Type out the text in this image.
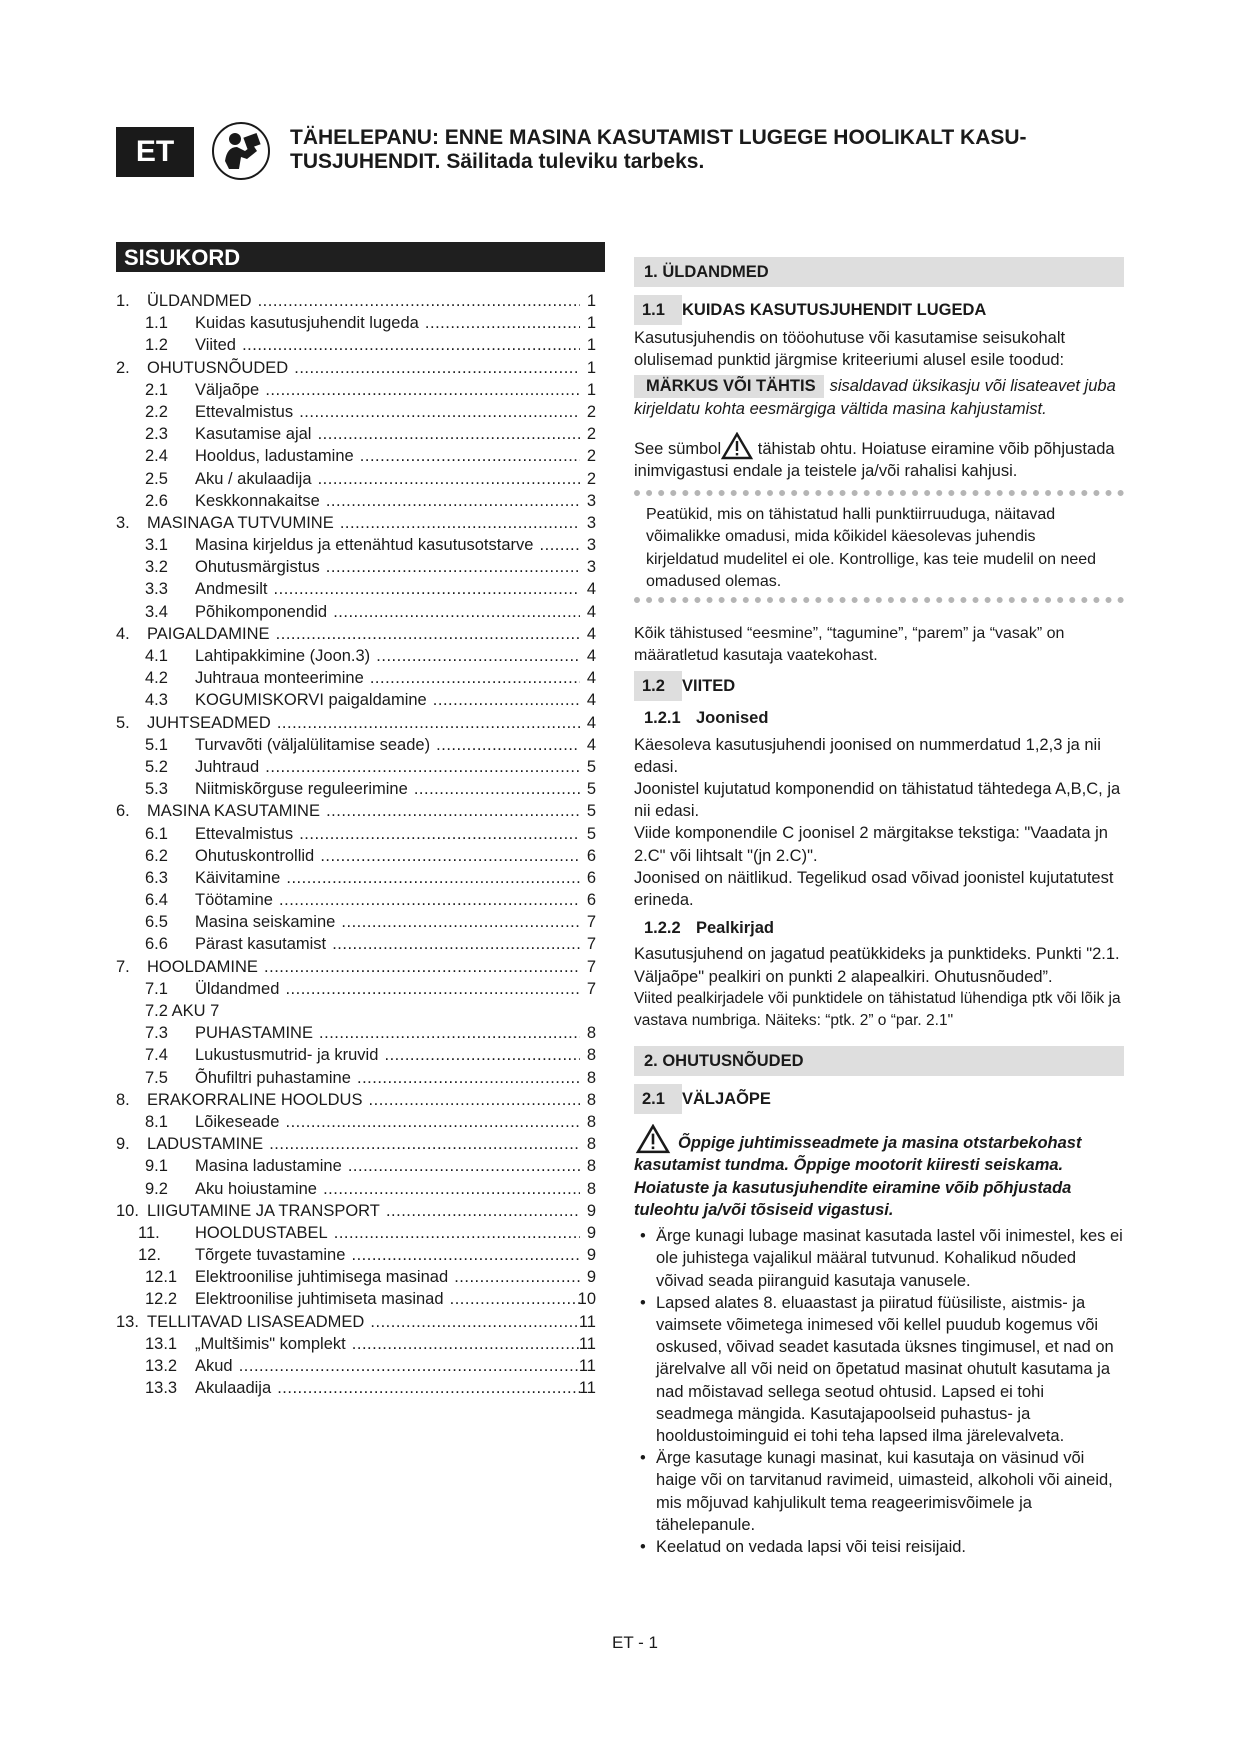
ET	TÄHELEPANU: ENNE MASINA KASUTAMIST LUGEGE HOOLIKALT KASU-
TUSJUHENDIT. Säilitada tuleviku tarbeks.
SISUKORD
1. ÜLDANDMED .....	1
1.1 Kuidas kasutusjuhendit lugeda .....	1
1.2 Viited .....	1
2. OHUTUSNÕUDED .....	1
2.1 Väljaõpe .....	1
2.2 Ettevalmistus .....	2
2.3 Kasutamise ajal .....	2
2.4 Hooldus, ladustamine .....	2
2.5 Aku / akulaadija .....	2
2.6 Keskkonnakaitse .....	3
3. MASINAGA TUTVUMINE .....	3
3.1 Masina kirjeldus ja ettenähtud kasutusotstarve .....	3
3.2 Ohutusmärgistus .....	3
3.3 Andmesilt .....	4
3.4 Põhikomponendid .....	4
4. PAIGALDAMINE .....	4
4.1 Lahtipakkimine (Joon.3) .....	4
4.2 Juhtraua monteerimine .....	4
4.3 KOGUMISKORVI paigaldamine .....	4
5. JUHTSEADMED .....	4
5.1 Turvavõti (väljalülitamise seade) .....	4
5.2 Juhtraud .....	5
5.3 Niitmiskõrguse reguleerimine .....	5
6. MASINA KASUTAMINE .....	5
6.1 Ettevalmistus .....	5
6.2 Ohutuskontrollid .....	6
6.3 Käivitamine .....	6
6.4 Töötamine .....	6
6.5 Masina seiskamine .....	7
6.6 Pärast kasutamist .....	7
7. HOOLDAMINE .....	7
7.1 Üldandmed .....	7
7.2 AKU 7
7.3 PUHASTAMINE .....	8
7.4 Lukustusmutrid- ja kruvid .....	8
7.5 Õhufiltri puhastamine .....	8
8. ERAKORRALINE HOOLDUS .....	8
8.1 Lõikeseade .....	8
9. LADUSTAMINE .....	8
9.1 Masina ladustamine .....	8
9.2 Aku hoiustamine .....	8
10. LIIGUTAMINE JA TRANSPORT .....	9
11. HOOLDUSTABEL .....	9
12. Tõrgete tuvastamine .....	9
12.1 Elektroonilise juhtimisega masinad .....	9
12.2 Elektroonilise juhtimiseta masinad .....	10
13. TELLITAVAD LISASEADMED .....	11
13.1 „Multšimis" komplekt .....	11
13.2 Akud .....	11
13.3 Akulaadija .....	11
1. ÜLDANDMED
1.1	KUIDAS KASUTUSJUHENDIT LUGEDA

Kasutusjuhendis on tööohutuse või kasutamise seisukohalt olulisemad punktid järgmise kriteeriumi alusel esile toodud:

MÄRKUS VÕI TÄHTIS sisaldavad üksikasju või lisateavet juba kirjeldatu kohta eesmärgiga vältida masina kahjustamist.

See sümbol tähistab ohtu. Hoiatuse eiramine võib põhjustada inimvigastusi endale ja teistele ja/või rahalisi kahjusi.

Peatükid, mis on tähistatud halli punktiirruuduga, näitavad võimalikke omadusi, mida kõikidel käesolevas juhendis kirjeldatud mudelitel ei ole. Kontrollige, kas teie mudelil on need omadused olemas.

Kõik tähistused “eesmine”, “tagumine”, “parem” ja “vasak” on määratletud kasutaja vaatekohast.

1.2	VIITED
1.2.1 Joonised

Käesoleva kasutusjuhendi joonised on nummerdatud 1,2,3 ja nii edasi.

Joonistel kujutatud komponendid on tähistatud tähtedega A,B,C, ja nii edasi.

Viide komponendile C joonisel 2 märgitakse tekstiga: "Vaadata jn 2.C" või lihtsalt "(jn 2.C)".

Joonised on näitlikud. Tegelikud osad võivad joonistel kujutatutest erineda.

1.2.2 Pealkirjad

Kasutusjuhend on jagatud peatükkideks ja punktideks. Punkti "2.1. Väljaõpe" pealkiri on punkti 2 alapealkiri. Ohutusnõuded”.

Viited pealkirjadele või punktidele on tähistatud lühendiga ptk või lõik ja vastava numbriga. Näiteks: “ptk. 2” o “par. 2.1"

2. OHUTUSNÕUDED
2.1	VÄLJAÕPE

Õppige juhtimisseadmete ja masina otstarbekohast kasutamist tundma. Õppige mootorit kiiresti seiskama. Hoiatuste ja kasutusjuhendite eiramine võib põhjustada tuleohtu ja/või tõsiseid vigastusi.

• Ärge kunagi lubage masinat kasutada lastel või inimestel, kes ei ole juhistega vajalikul määral tutvunud. Kohalikud nõuded võivad seada piiranguid kasutaja vanusele.
• Lapsed alates 8. eluaastast ja piiratud füüsiliste, aistmis- ja vaimsete võimetega inimesed või kellel puudub kogemus või oskused, võivad seadet kasutada üksnes tingimusel, et nad on järelvalve all või neid on õpetatud masinat ohutult kasutama ja nad mõistavad sellega seotud ohtusid. Lapsed ei tohi seadmega mängida. Kasutajapoolseid puhastus- ja hooldustoiminguid ei tohi teha lapsed ilma järelevalveta.
• Ärge kasutage kunagi masinat, kui kasutaja on väsinud või haige või on tarvitanud ravimeid, uimasteid, alkoholi või aineid, mis mõjuvad kahjulikult tema reageerimisvõimele ja tähelepanule.
• Keelatud on vedada lapsi või teisi reisijaid.
ET - 1
